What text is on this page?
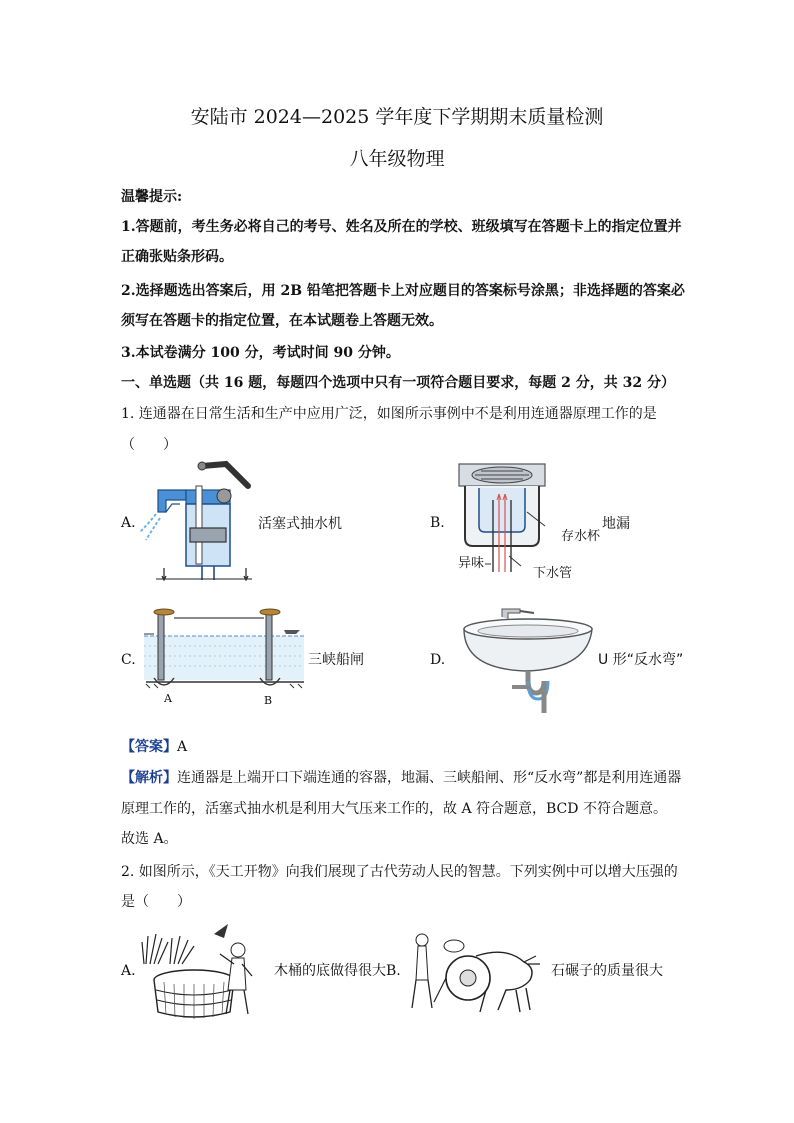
安陆市 2024—2025 学年度下学期期末质量检测
八年级物理
温馨提示:
1.答题前，考生务必将自己的考号、姓名及所在的学校、班级填写在答题卡上的指定位置并
正确张贴条形码。
2.选择题选出答案后，用 2B 铅笔把答题卡上对应题目的答案标号涂黑；非选择题的答案必
须写在答题卡的指定位置，在本试题卷上答题无效。
3.本试卷满分 100 分，考试时间 90 分钟。
一、单选题（共 16 题，每题四个选项中只有一项符合题目要求，每题 2 分，共 32 分）
1. 连通器在日常生活和生产中应用广泛，如图所示事例中不是利用连通器原理工作的是
（　　）
A.	活塞式抽水机	B.
存水杯
异味
下水管
地漏
C.
A	B
三峡船闸	D.	U 形“反水弯”
【答案】A
【解析】连通器是上端开口下端连通的容器，地漏、三峡船闸、形“反水弯”都是利用连通器
原理工作的，活塞式抽水机是利用大气压来工作的，故 A 符合题意，BCD 不符合题意。
故选 A。
2. 如图所示，《天工开物》向我们展现了古代劳动人民的智慧。下列实例中可以增大压强的
是（　　）
A.	木桶的底做得很大 B.	石碾子的质量很大
